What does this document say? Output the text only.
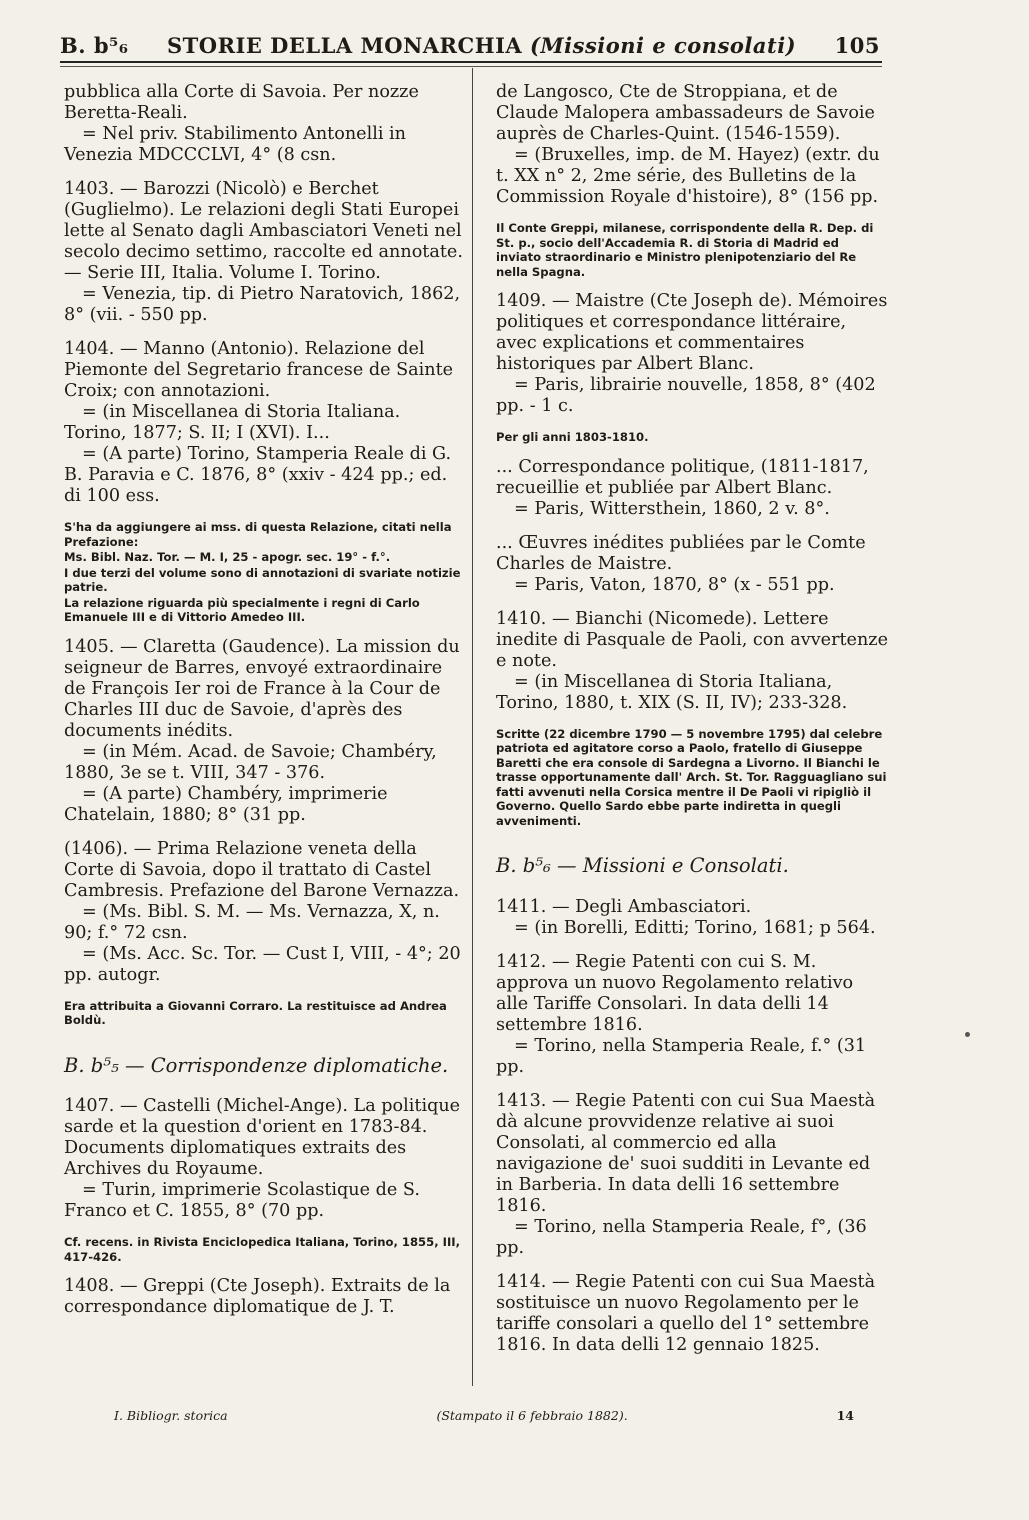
B. b⁵₆ STORIE DELLA MONARCHIA (Missioni e consolati) 105

pubblica alla Corte di Savoia. Per nozze Beretta-Reali.

= Nel priv. Stabilimento Antonelli in Venezia MDCCCLVI, 4° (8 csn.

1403. — Barozzi (Nicolò) e Berchet (Guglielmo). Le relazioni degli Stati Europei lette al Senato dagli Ambasciatori Veneti nel secolo decimo settimo, raccolte ed annotate. — Serie III, Italia. Volume I. Torino.

= Venezia, tip. di Pietro Naratovich, 1862, 8° (vii. - 550 pp.

1404. — Manno (Antonio). Relazione del Piemonte del Segretario francese de Sainte Croix; con annotazioni.

= (in Miscellanea di Storia Italiana. Torino, 1877; S. II; I (XVI). I...

= (A parte) Torino, Stamperia Reale di G. B. Paravia e C. 1876, 8° (xxiv - 424 pp.; ed. di 100 ess.

S'ha da aggiungere ai mss. di questa Relazione, citati nella Prefazione:

Ms. Bibl. Naz. Tor. — M. I, 25 - apogr. sec. 19° - f.°.

I due terzi del volume sono di annotazioni di svariate notizie patrie.

La relazione riguarda più specialmente i regni di Carlo Emanuele III e di Vittorio Amedeo III.

1405. — Claretta (Gaudence). La mission du seigneur de Barres, envoyé extraordinaire de François Ier roi de France à la Cour de Charles III duc de Savoie, d'après des documents inédits.

= (in Mém. Acad. de Savoie; Chambéry, 1880, 3e se t. VIII, 347 - 376.

= (A parte) Chambéry, imprimerie Chatelain, 1880; 8° (31 pp.

(1406). — Prima Relazione veneta della Corte di Savoia, dopo il trattato di Castel Cambresis. Prefazione del Barone Vernazza.

= (Ms. Bibl. S. M. — Ms. Vernazza, X, n. 90; f.° 72 csn.

= (Ms. Acc. Sc. Tor. — Cust I, VIII, - 4°; 20 pp. autogr.

Era attribuita a Giovanni Corraro. La restituisce ad Andrea Boldù.

B. b⁵₅ — Corrispondenze diplomatiche.

1407. — Castelli (Michel-Ange). La politique sarde et la question d'orient en 1783-84. Documents diplomatiques extraits des Archives du Royaume.

= Turin, imprimerie Scolastique de S. Franco et C. 1855, 8° (70 pp.

Cf. recens. in Rivista Enciclopedica Italiana, Torino, 1855, III, 417-426.

1408. — Greppi (Cte Joseph). Extraits de la correspondance diplomatique de J. T.

de Langosco, Cte de Stroppiana, et de Claude Malopera ambassadeurs de Savoie auprès de Charles-Quint. (1546-1559).

= (Bruxelles, imp. de M. Hayez) (extr. du t. XX n° 2, 2me série, des Bulletins de la Commission Royale d'histoire), 8° (156 pp.

Il Conte Greppi, milanese, corrispondente della R. Dep. di St. p., socio dell'Accademia R. di Storia di Madrid ed inviato straordinario e Ministro plenipotenziario del Re nella Spagna.

1409. — Maistre (Cte Joseph de). Mémoires politiques et correspondance littéraire, avec explications et commentaires historiques par Albert Blanc.

= Paris, librairie nouvelle, 1858, 8° (402 pp. - 1 c.

Per gli anni 1803-1810.

... Correspondance politique, (1811-1817, recueillie et publiée par Albert Blanc.

= Paris, Wittersthein, 1860, 2 v. 8°.

... Œuvres inédites publiées par le Comte Charles de Maistre.

= Paris, Vaton, 1870, 8° (x - 551 pp.

1410. — Bianchi (Nicomede). Lettere inedite di Pasquale de Paoli, con avvertenze e note.

= (in Miscellanea di Storia Italiana, Torino, 1880, t. XIX (S. II, IV); 233-328.

Scritte (22 dicembre 1790 — 5 novembre 1795) dal celebre patriota ed agitatore corso a Paolo, fratello di Giuseppe Baretti che era console di Sardegna a Livorno. Il Bianchi le trasse opportunamente dall' Arch. St. Tor. Ragguagliano sui fatti avvenuti nella Corsica mentre il De Paoli vi ripigliò il Governo. Quello Sardo ebbe parte indiretta in quegli avvenimenti.

B. b⁵₆ — Missioni e Consolati.

1411. — Degli Ambasciatori.

= (in Borelli, Editti; Torino, 1681; p 564.

1412. — Regie Patenti con cui S. M. approva un nuovo Regolamento relativo alle Tariffe Consolari. In data delli 14 settembre 1816.

= Torino, nella Stamperia Reale, f.° (31 pp.

1413. — Regie Patenti con cui Sua Maestà dà alcune provvidenze relative ai suoi Consolati, al commercio ed alla navigazione de' suoi sudditi in Levante ed in Barberia. In data delli 16 settembre 1816.

= Torino, nella Stamperia Reale, f°, (36 pp.

1414. — Regie Patenti con cui Sua Maestà sostituisce un nuovo Regolamento per le tariffe consolari a quello del 1° settembre 1816. In data delli 12 gennaio 1825.

I. Bibliogr. storica	(Stampato il 6 febbraio 1882).	14
